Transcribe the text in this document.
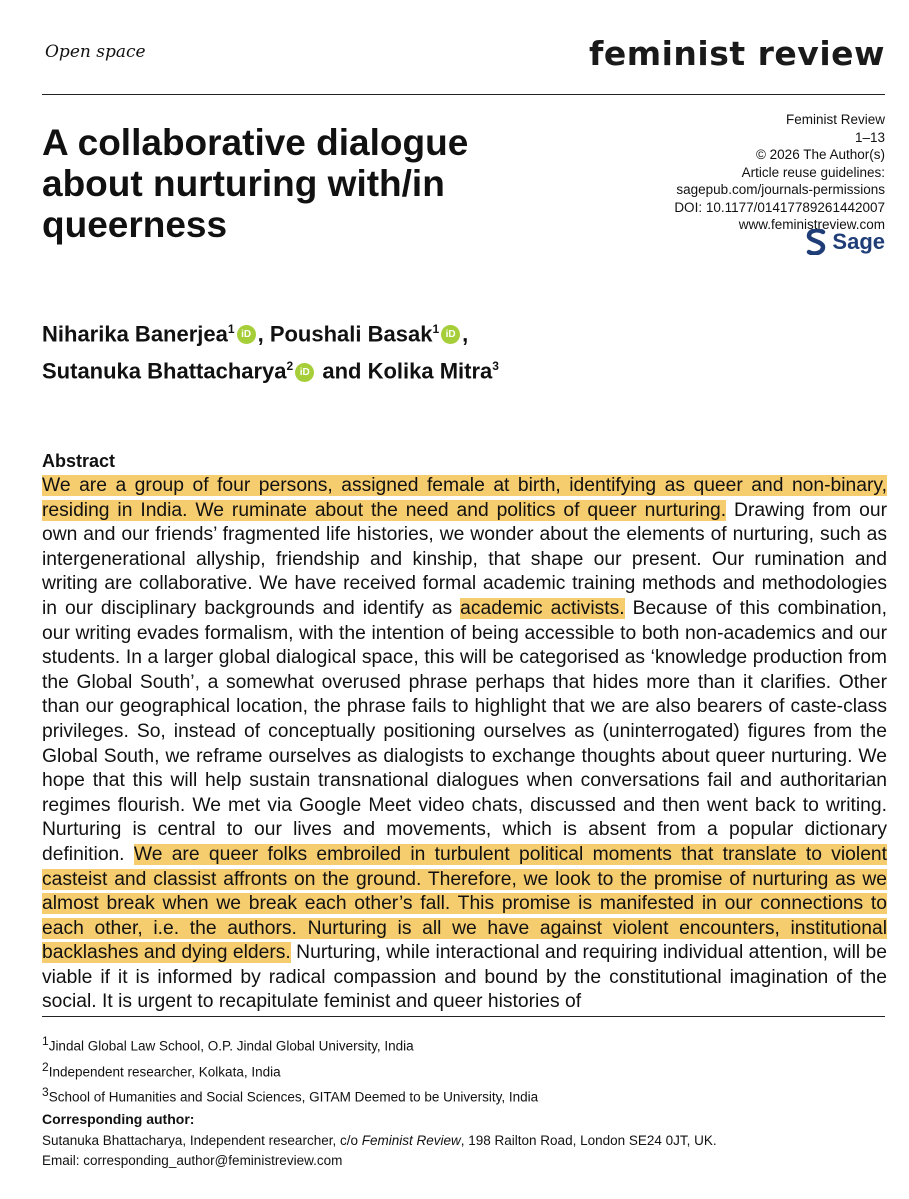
Open space	feminist review
A collaborative dialogue about nurturing with/in queerness
Feminist Review
1–13
© 2026 The Author(s)
Article reuse guidelines:
sagepub.com/journals-permissions
DOI: 10.1177/01417789261442007
www.feministreview.com
Sage
Niharika Banerjea$^1$ iD , Poushali Basak$^1$ iD ,
Sutanuka Bhattacharya$^2$ iD and Kolika Mitra$^3$
Abstract
We are a group of four persons, assigned female at birth, identifying as queer and non-binary, residing in India. We ruminate about the need and politics of queer nurturing. Drawing from our own and our friends’ fragmented life histories, we wonder about the elements of nurturing, such as intergenerational allyship, friendship and kinship, that shape our present. Our rumination and writing are collaborative. We have received formal academic training methods and methodologies in our disciplinary backgrounds and identify as academic activists. Because of this combination, our writing evades formalism, with the intention of being accessible to both non-academics and our students. In a larger global dialogical space, this will be categorised as ‘knowledge production from the Global South’, a somewhat overused phrase perhaps that hides more than it clarifies. Other than our geographical location, the phrase fails to highlight that we are also bearers of caste-class privileges. So, instead of conceptually positioning ourselves as (uninterrogated) figures from the Global South, we reframe ourselves as dialogists to exchange thoughts about queer nurturing. We hope that this will help sustain transnational dialogues when conversations fail and authoritarian regimes flourish. We met via Google Meet video chats, discussed and then went back to writing. Nurturing is central to our lives and movements, which is absent from a popular dictionary definition. We are queer folks embroiled in turbulent political moments that translate to violent casteist and classist affronts on the ground. Therefore, we look to the promise of nurturing as we almost break when we break each other’s fall. This promise is manifested in our connections to each other, i.e. the authors. Nurturing is all we have against violent encounters, institutional backlashes and dying elders. Nurturing, while interactional and requiring individual attention, will be viable if it is informed by radical compassion and bound by the constitutional imagination of the social. It is urgent to recapitulate feminist and queer histories of
$^1$Jindal Global Law School, O.P. Jindal Global University, India
$^2$Independent researcher, Kolkata, India
$^3$School of Humanities and Social Sciences, GITAM Deemed to be University, India
Corresponding author:
Sutanuka Bhattacharya, Independent researcher, c/o Feminist Review, 198 Railton Road, London SE24 0JT, UK.
Email: corresponding_author@feministreview.com
